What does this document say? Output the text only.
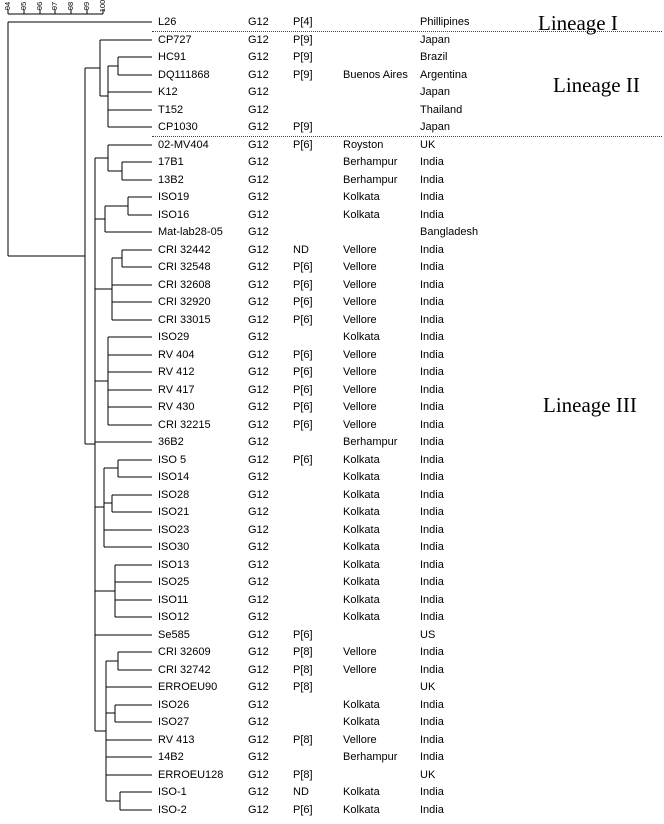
94 95 96 97 98 99 100
L26	G12 P[4]	Phillipines
CP727	G12 P[9]	Japan
HC91	G12 P[9]	Brazil
DQ111868	G12 P[9]	Buenos Aires Argentina
K12	G12	Japan
T152	G12	Thailand
CP1030	G12 P[9]	Japan
02-MV404	G12 P[6]	Royston	UK
17B1	G12	Berhampur India
13B2	G12	Berhampur India
ISO19	G12	Kolkata	India
ISO16	G12	Kolkata	India
Mat-lab28-05 G12	Bangladesh
CRI 32442	G12 ND	Vellore	India
CRI 32548	G12 P[6]	Vellore	India
CRI 32608	G12 P[6]	Vellore	India
CRI 32920	G12 P[6]	Vellore	India
CRI 33015	G12 P[6]	Vellore	India
ISO29	G12	Kolkata	India
RV 404	G12 P[6]	Vellore	India
RV 412	G12 P[6]	Vellore	India
RV 417	G12 P[6]	Vellore	India
RV 430	G12 P[6]	Vellore	India
CRI 32215	G12 P[6]	Vellore	India
36B2	G12	Berhampur India
ISO 5	G12 P[6]	Kolkata	India
ISO14	G12	Kolkata	India
ISO28	G12	Kolkata	India
ISO21	G12	Kolkata	India
ISO23	G12	Kolkata	India
ISO30	G12	Kolkata	India
ISO13	G12	Kolkata	India
ISO25	G12	Kolkata	India
ISO11	G12	Kolkata	India
ISO12	G12	Kolkata	India
Se585	G12 P[6]	US
CRI 32609	G12 P[8]	Vellore	India
CRI 32742	G12 P[8]	Vellore	India
ERROEU90	G12 P[8]	UK
ISO26	G12	Kolkata	India
ISO27	G12	Kolkata	India
RV 413	G12 P[8]	Vellore	India
14B2	G12	Berhampur India
ERROEU128 G12 P[8]	UK
ISO-1	G12 ND	Kolkata	India
ISO-2	G12 P[6]	Kolkata	India
Lineage I
Lineage II
Lineage III
